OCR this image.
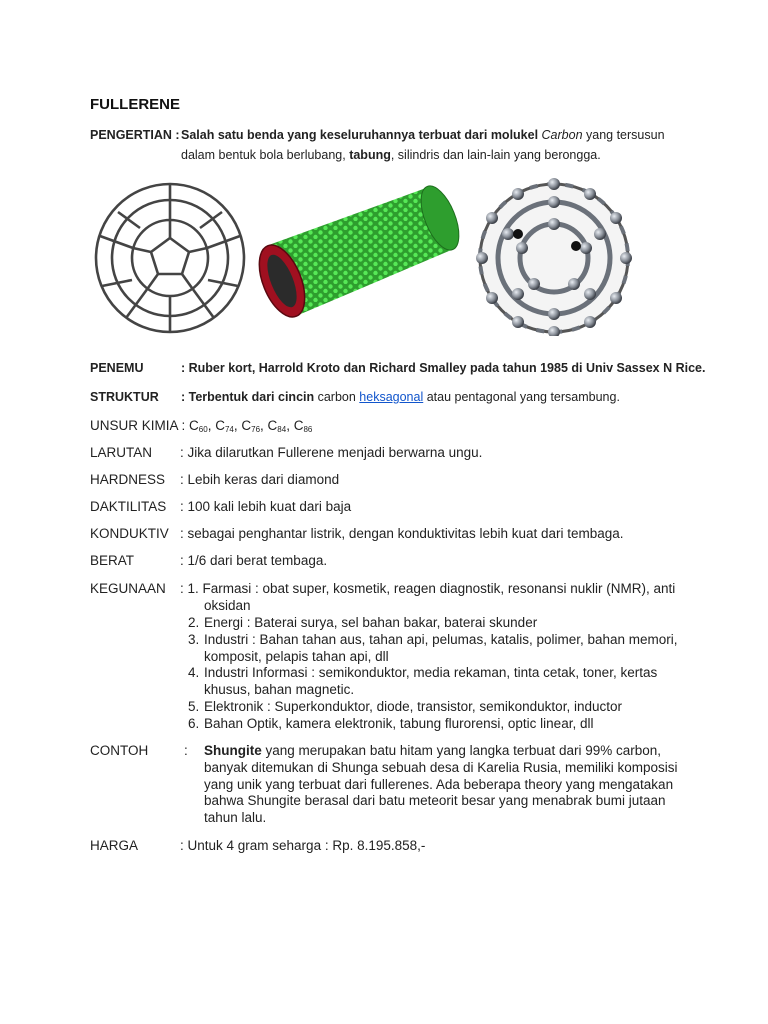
FULLERENE
PENGERTIAN :Salah satu benda yang keseluruhannya terbuat dari molukel Carbon yang tersusun
dalam bentuk bola berlubang, tabung, silindris dan lain-lain yang berongga.
PENEMU	: Ruber kort, Harrold Kroto dan Richard Smalley pada tahun 1985 di Univ Sassex N Rice.
STRUKTUR : Terbentuk dari cincin carbon heksagonal atau pentagonal yang tersambung.
UNSUR KIMIA : $C_{60}$, $C_{74}$, $C_{76}$, $C_{84}$, $C_{86}$
LARUTAN : Jika dilarutkan Fullerene menjadi berwarna ungu.
HARDNESS : Lebih keras dari diamond
DAKTILITAS : 100 kali lebih kuat dari baja
KONDUKTIV : sebagai penghantar listrik, dengan konduktivitas lebih kuat dari tembaga.
BERAT	: 1/6 dari berat tembaga.
KEGUNAAN : 1. Farmasi : obat super, kosmetik, reagen diagnostik, resonansi nuklir (NMR), anti
oksidan
2. Energi : Baterai surya, sel bahan bakar, baterai skunder
3. Industri : Bahan tahan aus, tahan api, pelumas, katalis, polimer, bahan memori, komposit, pelapis tahan api, dll
4. Industri Informasi : semikonduktor, media rekaman, tinta cetak, toner, kertas khusus, bahan magnetic.
5. Elektronik : Superkonduktor, diode, transistor, semikonduktor, inductor
6. Bahan Optik, kamera elektronik, tabung flurorensi, optic linear, dll
CONTOH	: Shungite yang merupakan batu hitam yang langka terbuat dari 99% carbon, banyak ditemukan di Shunga sebuah desa di Karelia Rusia, memiliki komposisi yang unik yang terbuat dari fullerenes. Ada beberapa theory yang mengatakan bahwa Shungite berasal dari batu meteorit besar yang menabrak bumi jutaan tahun lalu.
HARGA	: Untuk 4 gram seharga : Rp. 8.195.858,-
